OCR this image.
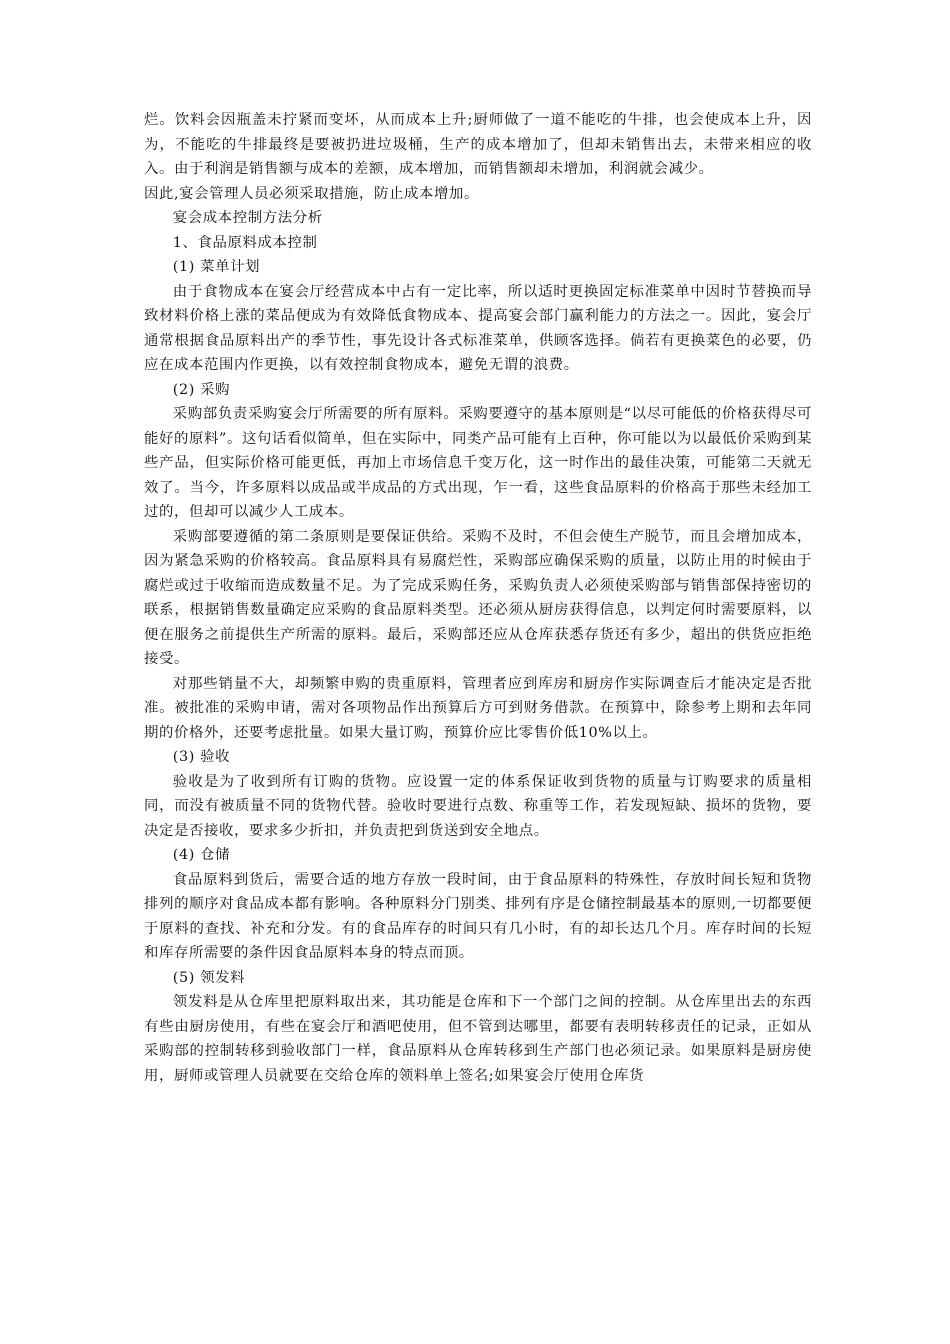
烂。饮料会因瓶盖未拧紧而变坏，从而成本上升;厨师做了一道不能吃的牛排，也会使成本上升，因为，不能吃的牛排最终是要被扔进垃圾桶，生产的成本增加了，但却未销售出去，未带来相应的收入。由于利润是销售额与成本的差额，成本增加，而销售额却未增加，利润就会减少。

因此,宴会管理人员必须采取措施，防止成本增加。

宴会成本控制方法分析

1、食品原料成本控制

(1) 菜单计划

由于食物成本在宴会厅经营成本中占有一定比率，所以适时更换固定标准菜单中因时节替换而导致材料价格上涨的菜品便成为有效降低食物成本、提高宴会部门赢利能力的方法之一。因此，宴会厅通常根据食品原料出产的季节性，事先设计各式标准菜单，供顾客选择。倘若有更换菜色的必要，仍应在成本范围内作更换，以有效控制食物成本，避免无谓的浪费。

(2) 采购

采购部负责采购宴会厅所需要的所有原料。采购要遵守的基本原则是“以尽可能低的价格获得尽可能好的原料”。这句话看似简单，但在实际中，同类产品可能有上百种，你可能以为以最低价采购到某些产品，但实际价格可能更低，再加上市场信息千变万化，这一时作出的最佳决策，可能第二天就无效了。当今，许多原料以成品或半成品的方式出现，乍一看，这些食品原料的价格高于那些未经加工过的，但却可以减少人工成本。

采购部要遵循的第二条原则是要保证供给。采购不及时，不但会使生产脱节，而且会增加成本，因为紧急采购的价格较高。食品原料具有易腐烂性，采购部应确保采购的质量，以防止用的时候由于腐烂或过于收缩而造成数量不足。为了完成采购任务，采购负责人必须使采购部与销售部保持密切的联系，根据销售数量确定应采购的食品原料类型。还必须从厨房获得信息，以判定何时需要原料，以便在服务之前提供生产所需的原料。最后，采购部还应从仓库获悉存货还有多少，超出的供货应拒绝接受。

对那些销量不大，却频繁申购的贵重原料，管理者应到库房和厨房作实际调查后才能决定是否批准。被批准的采购申请，需对各项物品作出预算后方可到财务借款。在预算中，除参考上期和去年同期的价格外，还要考虑批量。如果大量订购，预算价应比零售价低10%以上。

(3) 验收

验收是为了收到所有订购的货物。应设置一定的体系保证收到货物的质量与订购要求的质量相同，而没有被质量不同的货物代替。验收时要进行点数、称重等工作，若发现短缺、损坏的货物，要决定是否接收，要求多少折扣，并负责把到货送到安全地点。

(4) 仓储

食品原料到货后，需要合适的地方存放一段时间，由于食品原料的特殊性，存放时间长短和货物排列的顺序对食品成本都有影响。各种原料分门别类、排列有序是仓储控制最基本的原则,一切都要便于原料的查找、补充和分发。有的食品库存的时间只有几小时，有的却长达几个月。库存时间的长短和库存所需要的条件因食品原料本身的特点而顶。

(5) 领发料

领发料是从仓库里把原料取出来，其功能是仓库和下一个部门之间的控制。从仓库里出去的东西有些由厨房使用，有些在宴会厅和酒吧使用，但不管到达哪里，都要有表明转移责任的记录，正如从采购部的控制转移到验收部门一样，食品原料从仓库转移到生产部门也必须记录。如果原料是厨房使用，厨师或管理人员就要在交给仓库的领料单上签名;如果宴会厅使用仓库货
